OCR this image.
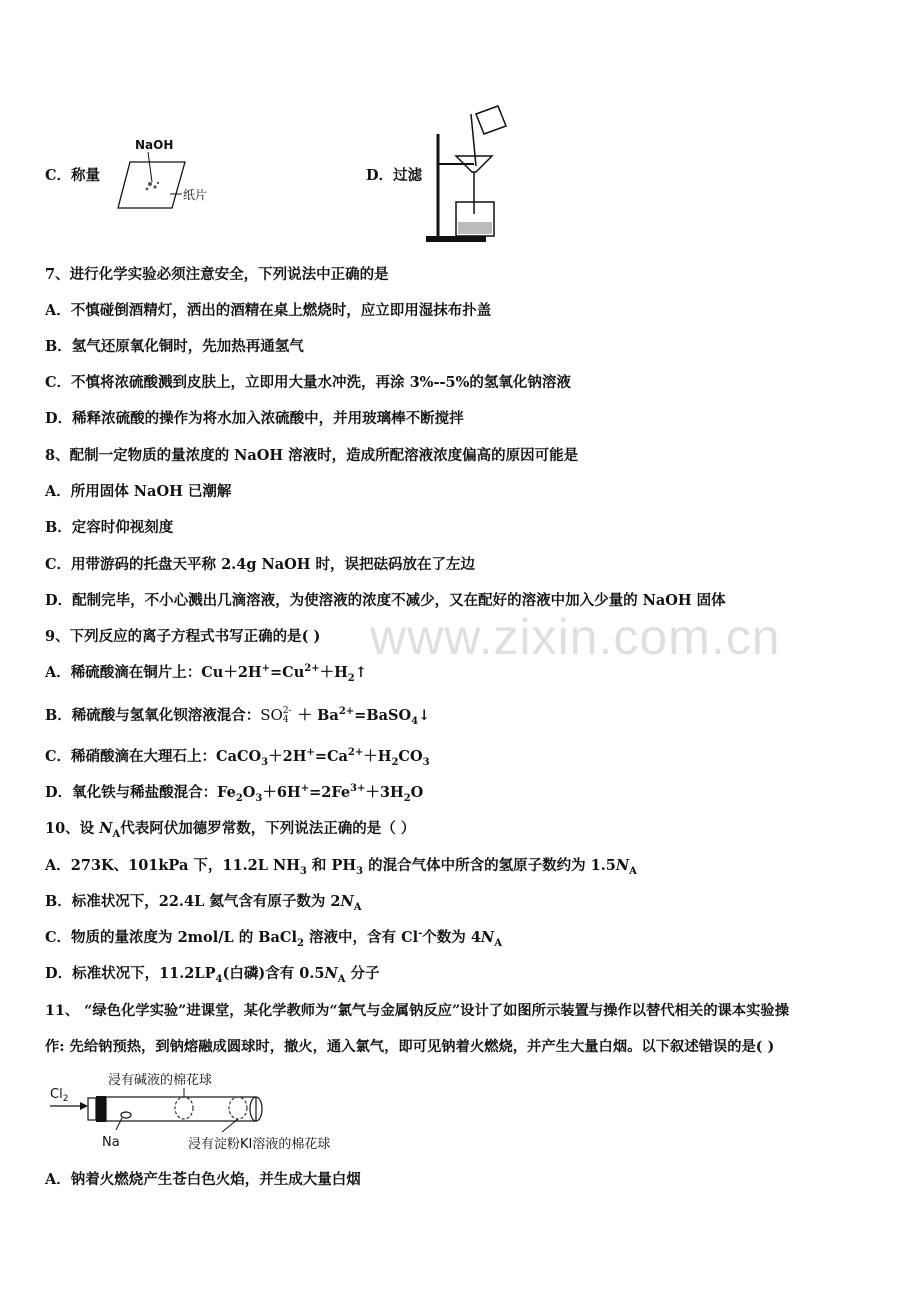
C．称量
NaOH
纸片
D．过滤
7、进行化学实验必须注意安全，下列说法中正确的是
A．不慎碰倒酒精灯，洒出的酒精在桌上燃烧时，应立即用湿抹布扑盖
B．氢气还原氧化铜时，先加热再通氢气
C．不慎将浓硫酸溅到皮肤上，立即用大量水冲洗，再涂 3%--5%的氢氧化钠溶液
D．稀释浓硫酸的操作为将水加入浓硫酸中，并用玻璃棒不断搅拌
8、配制一定物质的量浓度的 NaOH 溶液时，造成所配溶液浓度偏高的原因可能是
A．所用固体 NaOH 已潮解
B．定容时仰视刻度
C．用带游码的托盘天平称 2.4g NaOH 时，误把砝码放在了左边
D．配制完毕，不小心溅出几滴溶液，为使溶液的浓度不减少，又在配好的溶液中加入少量的 NaOH 固体
9、下列反应的离子方程式书写正确的是( )
A．稀硫酸滴在铜片上：$Cu+2H^+=Cu^{2+}+H_2↑$
B．稀硫酸与氢氧化钡溶液混合：SO2-
$4 + Ba^{2+}=BaSO_4↓$
C．稀硝酸滴在大理石上：$CaCO_3+2H^+=Ca^{2+}+H_2CO_3$
D．氧化铁与稀盐酸混合：$Fe_2O_3+6H^+=2Fe^{3+}+3H_2O$
10、设 $N_A$代表阿伏加德罗常数，下列说法正确的是（ ）
A．273K、101kPa 下，11.2L $NH_3$ 和 $PH_3$ 的混合气体中所含的氢原子数约为 $1.5N_A$
B．标准状况下，22.4L 氦气含有原子数为 $2N_A$
C．物质的量浓度为 2mol/L 的 BaCl$_2$ 溶液中，含有 Cl-个数为 $4N_A$
D．标准状况下，$11.2LP_4$(白磷)含有 $0.5N_A$ 分子
11、 “绿色化学实验”进课堂，某化学教师为“氯气与金属钠反应”设计了如图所示装置与操作以替代相关的课本实验操
作: 先给钠预热，到钠熔融成圆球时，撤火，通入氯气，即可见钠着火燃烧，并产生大量白烟。以下叙述错误的是( )
$Cl_2$
浸有碱液的棉花球
Na	浸有淀粉KI溶液的棉花球
A．钠着火燃烧产生苍白色火焰，并生成大量白烟
www.zixin.com.cn
